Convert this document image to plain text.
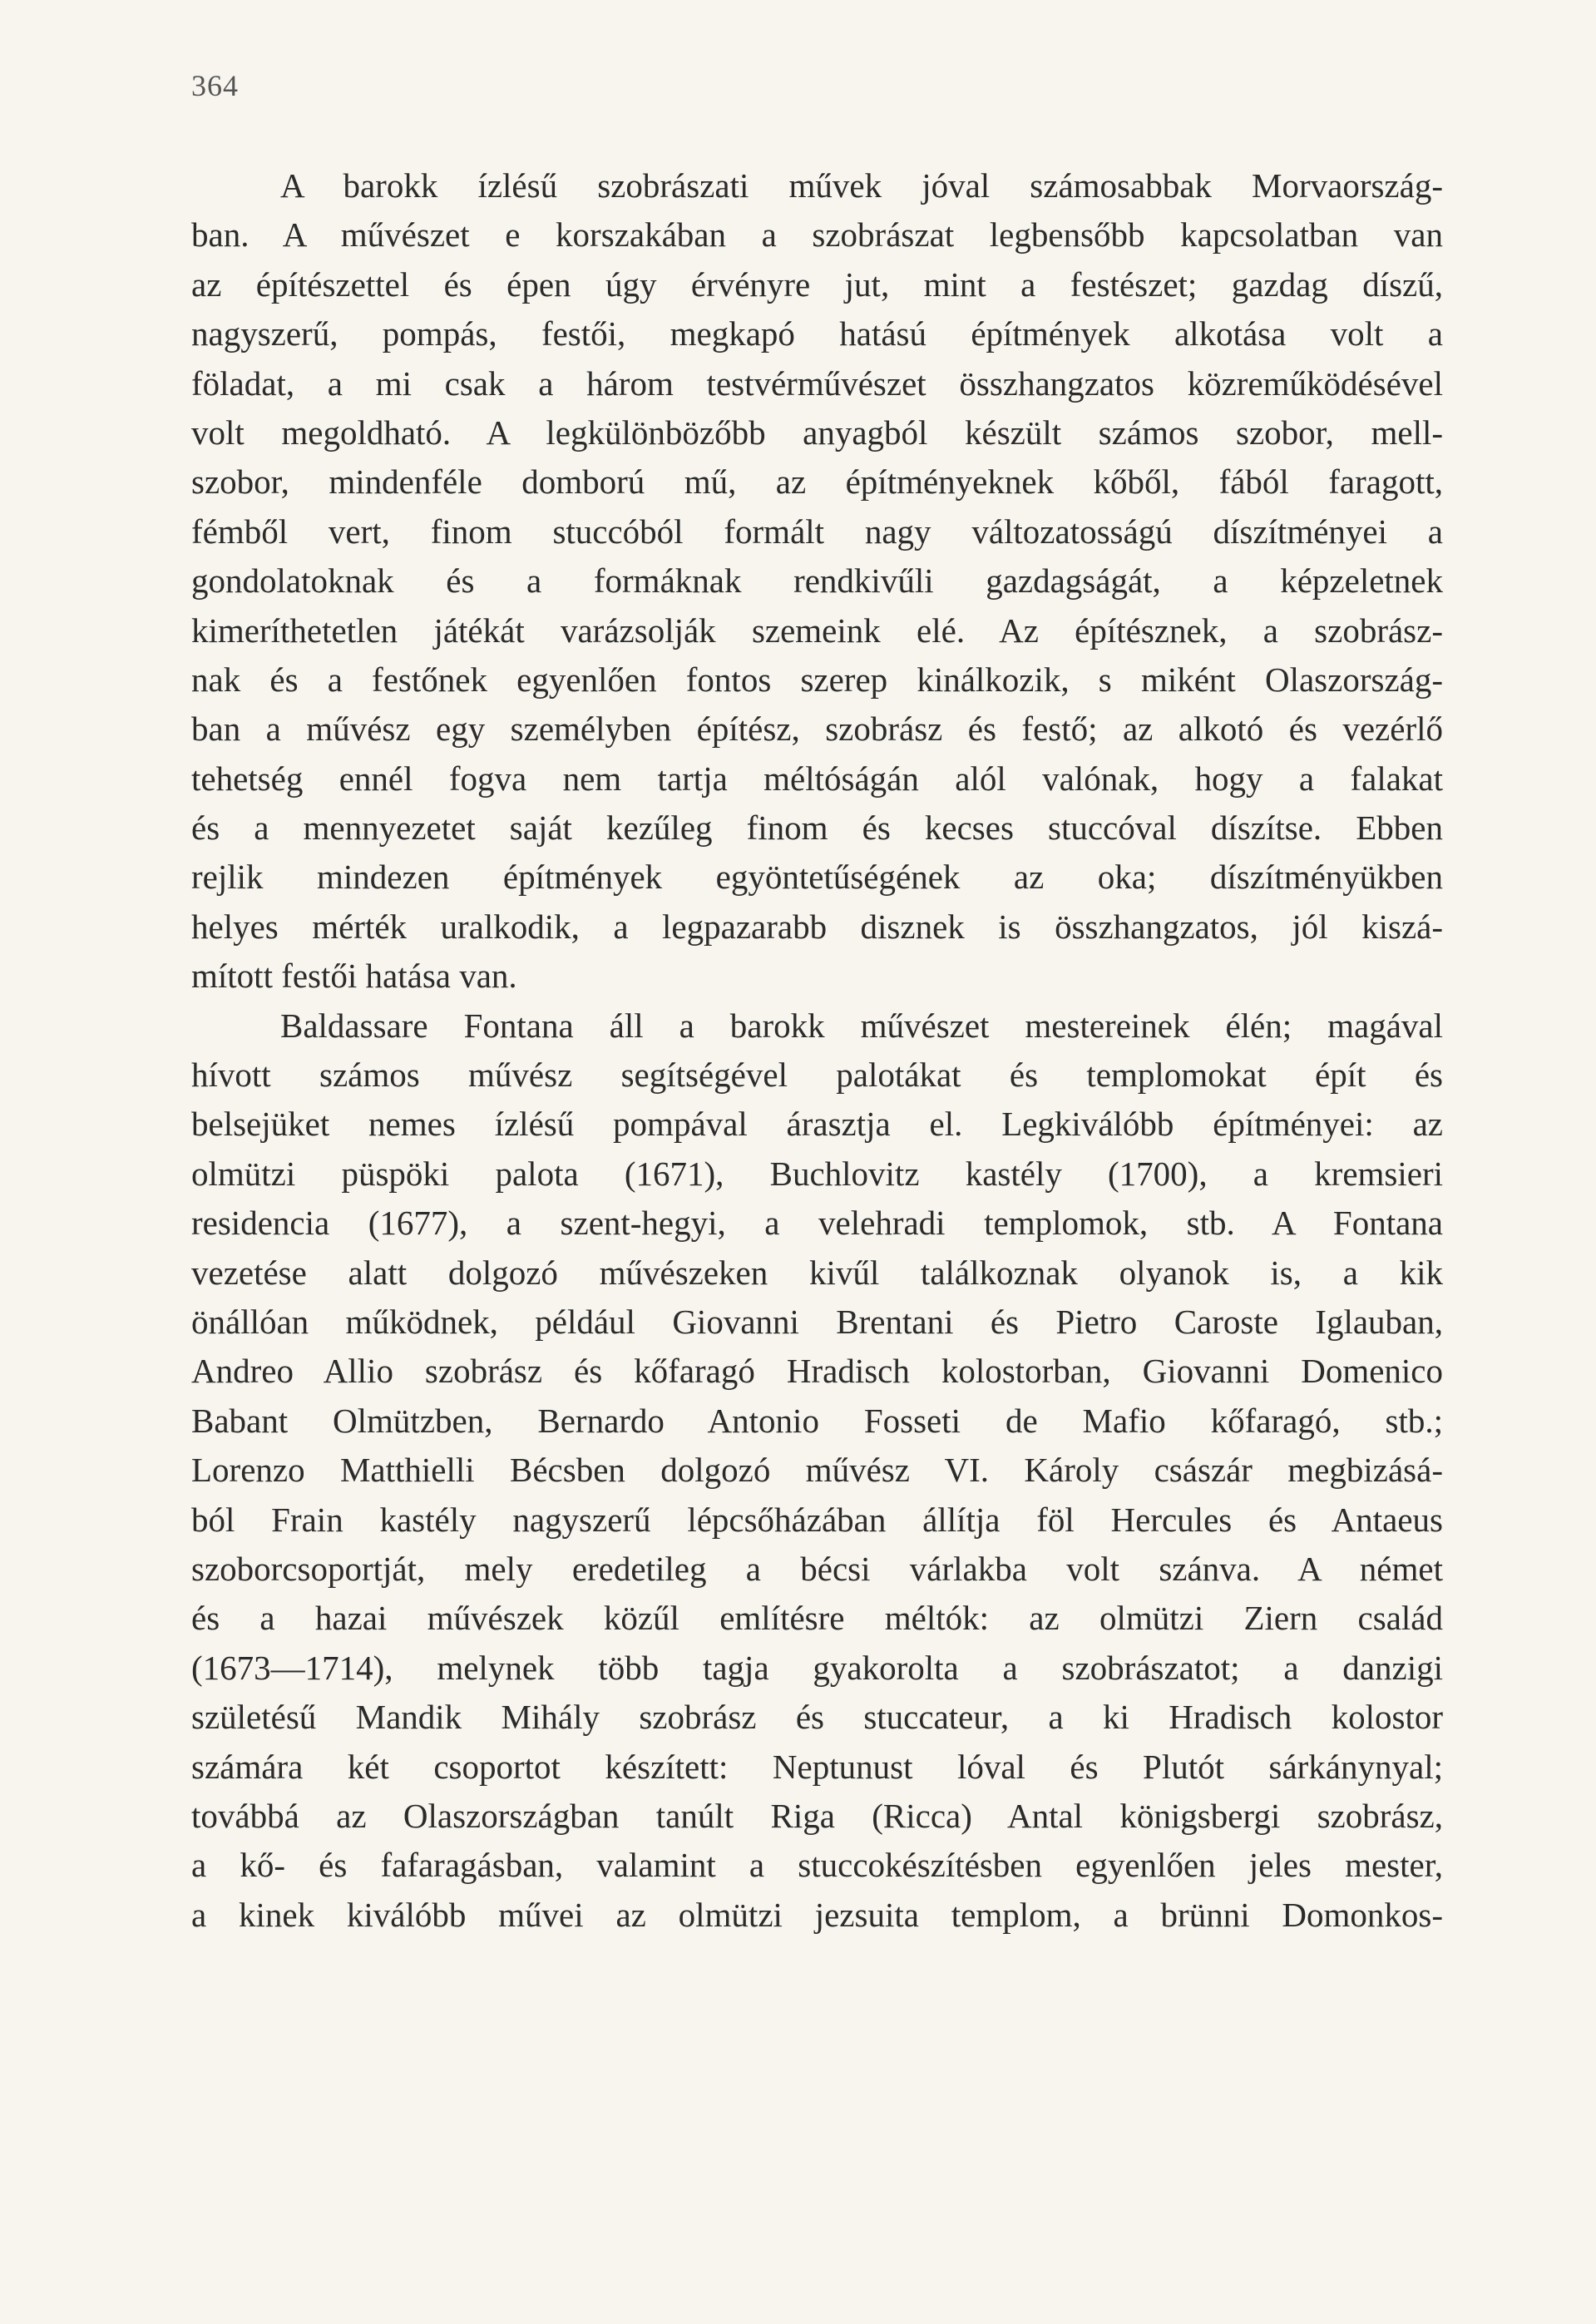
364
A barokk ízlésű szobrászati művek jóval számosabbak Morvaország-
ban. A művészet e korszakában a szobrászat legbensőbb kapcsolatban van
az építészettel és épen úgy érvényre jut, mint a festészet; gazdag díszű,
nagyszerű, pompás, festői, megkapó hatású építmények alkotása volt a
föladat, a mi csak a három testvérművészet összhangzatos közreműködésével
volt megoldható. A legkülönbözőbb anyagból készült számos szobor, mell-
szobor, mindenféle domború mű, az építményeknek kőből, fából faragott,
fémből vert, finom stuccóból formált nagy változatosságú díszítményei a
gondolatoknak és a formáknak rendkivűli gazdagságát, a képzeletnek
kimeríthetetlen játékát varázsolják szemeink elé. Az építésznek, a szobrász-
nak és a festőnek egyenlően fontos szerep kinálkozik, s miként Olaszország-
ban a művész egy személyben építész, szobrász és festő; az alkotó és vezérlő
tehetség ennél fogva nem tartja méltóságán alól valónak, hogy a falakat
és a mennyezetet saját kezűleg finom és kecses stuccóval díszítse. Ebben
rejlik mindezen építmények egyöntetűségének az oka; díszítményükben
helyes mérték uralkodik, a legpazarabb disznek is összhangzatos, jól kiszá-
mított festői hatása van.
Baldassare Fontana áll a barokk művészet mestereinek élén; magával
hívott számos művész segítségével palotákat és templomokat épít és
belsejüket nemes ízlésű pompával árasztja el. Legkiválóbb építményei: az
olmützi püspöki palota (1671), Buchlovitz kastély (1700), a kremsieri
residencia (1677), a szent-hegyi, a velehradi templomok, stb. A Fontana
vezetése alatt dolgozó művészeken kivűl találkoznak olyanok is, a kik
önállóan működnek, például Giovanni Brentani és Pietro Caroste Iglauban,
Andreo Allio szobrász és kőfaragó Hradisch kolostorban, Giovanni Domenico
Babant Olmützben, Bernardo Antonio Fosseti de Mafio kőfaragó, stb.;
Lorenzo Matthielli Bécsben dolgozó művész VI. Károly császár megbizásá-
ból Frain kastély nagyszerű lépcsőházában állítja föl Hercules és Antaeus
szoborcsoportját, mely eredetileg a bécsi várlakba volt szánva. A német
és a hazai művészek közűl említésre méltók: az olmützi Ziern család
(1673—1714), melynek több tagja gyakorolta a szobrászatot; a danzigi
születésű Mandik Mihály szobrász és stuccateur, a ki Hradisch kolostor
számára két csoportot készített: Neptunust lóval és Plutót sárkánynyal;
továbbá az Olaszországban tanúlt Riga (Ricca) Antal königsbergi szobrász,
a kő- és fafaragásban, valamint a stuccokészítésben egyenlően jeles mester,
a kinek kiválóbb művei az olmützi jezsuita templom, a brünni Domonkos-
